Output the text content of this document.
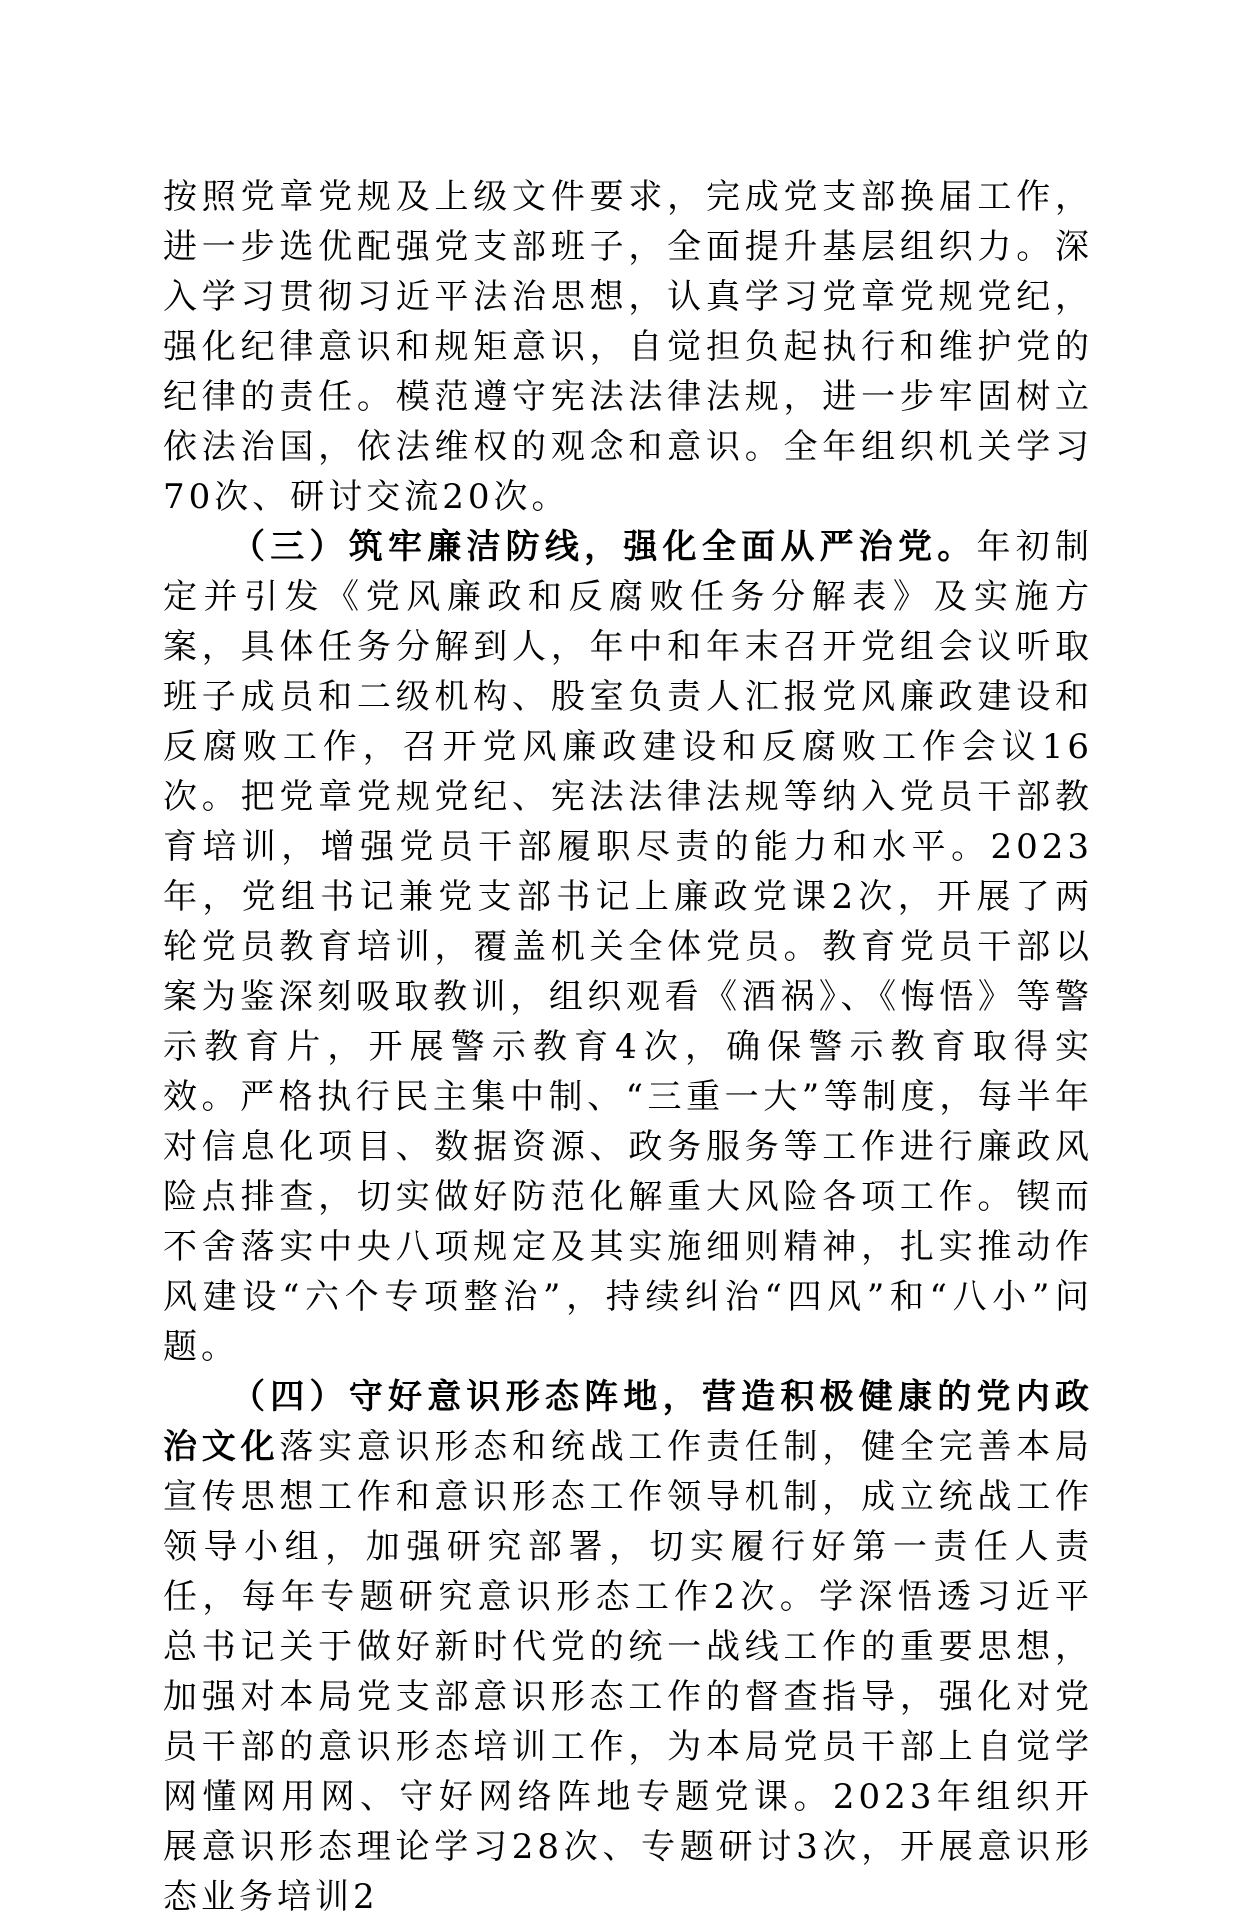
按照党章党规及上级文件要求，完成党支部换届工作，进一步选优配强党支部班子，全面提升基层组织力。深入学习贯彻习近平法治思想，认真学习党章党规党纪，强化纪律意识和规矩意识，自觉担负起执行和维护党的纪律的责任。模范遵守宪法法律法规，进一步牢固树立依法治国，依法维权的观念和意识。全年组织机关学习70次、研讨交流20次。

（三）筑牢廉洁防线，强化全面从严治党。年初制定并引发《党风廉政和反腐败任务分解表》及实施方案，具体任务分解到人，年中和年末召开党组会议听取班子成员和二级机构、股室负责人汇报党风廉政建设和反腐败工作，召开党风廉政建设和反腐败工作会议16次。把党章党规党纪、宪法法律法规等纳入党员干部教育培训，增强党员干部履职尽责的能力和水平。2023年，党组书记兼党支部书记上廉政党课2次，开展了两轮党员教育培训，覆盖机关全体党员。教育党员干部以案为鉴深刻吸取教训，组织观看《酒祸》、《悔悟》等警示教育片，开展警示教育4次，确保警示教育取得实效。严格执行民主集中制、“三重一大”等制度，每半年对信息化项目、数据资源、政务服务等工作进行廉政风险点排查，切实做好防范化解重大风险各项工作。锲而不舍落实中央八项规定及其实施细则精神，扎实推动作风建设“六个专项整治”，持续纠治“四风”和“八小”问题。

（四）守好意识形态阵地，营造积极健康的党内政治文化落实意识形态和统战工作责任制，健全完善本局宣传思想工作和意识形态工作领导机制，成立统战工作领导小组，加强研究部署，切实履行好第一责任人责任，每年专题研究意识形态工作2次。学深悟透习近平总书记关于做好新时代党的统一战线工作的重要思想，加强对本局党支部意识形态工作的督查指导，强化对党员干部的意识形态培训工作，为本局党员干部上自觉学网懂网用网、守好网络阵地专题党课。2023年组织开展意识形态理论学习28次、专题研讨3次，开展意识形态业务培训2
